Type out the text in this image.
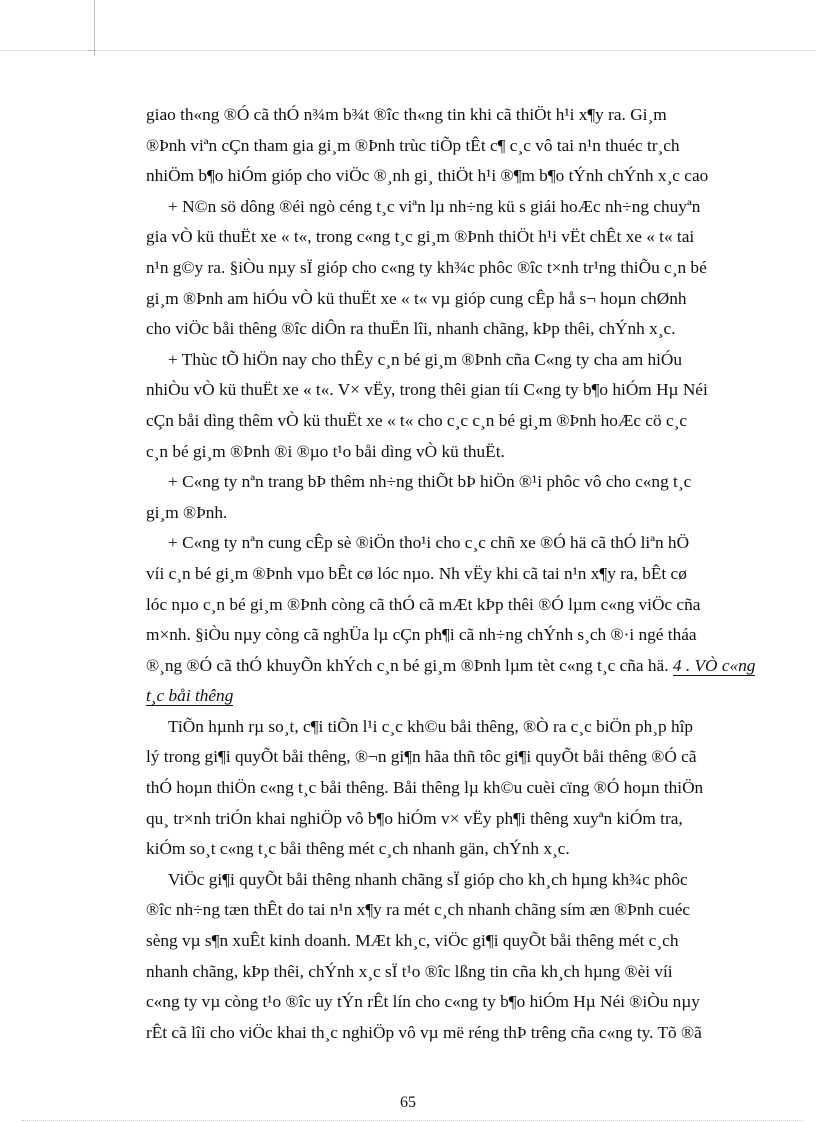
giao th«ng ®Ó cã thÓ n¾m b¾t ®îc th«ng tin khi cã thiÖt h¹i x¶y ra. Gi¸m
®Þnh viªn cÇn tham gia gi¸m ®Þnh trùc tiÕp tÊt c¶ c¸c vô tai n¹n thuéc tr¸ch
nhiÖm b¶o hiÓm gióp cho viÖc ®¸nh gi¸ thiÖt h¹i ®¶m b¶o tÝnh chÝnh x¸c cao
+ N©n sö dông ®éi ngò céng t¸c viªn lµ nh÷ng kü s giái hoÆc nh÷ng chuyªn
gia vÒ kü thuËt xe « t«, trong c«ng t¸c gi¸m ®Þnh thiÖt h¹i vËt chÊt xe « t« tai
n¹n g©y ra. §iÒu nµy sÏ gióp cho c«ng ty kh¾c phôc ®îc t×nh tr¹ng thiÕu c¸n bé
gi¸m ®Þnh am hiÓu vÒ kü thuËt xe « t« vµ gióp cung cÊp hå s¬ hoµn chØnh
cho viÖc båi thêng ®îc diÔn ra thuËn lîi, nhanh chãng, kÞp thêi, chÝnh x¸c.
+ Thùc tÕ hiÖn nay cho thÊy c¸n bé gi¸m ®Þnh cña C«ng ty cha am hiÓu
nhiÒu vÒ kü thuËt xe « t«. V× vËy, trong thêi gian tíi C«ng ty b¶o hiÓm Hµ Néi
cÇn båi dìng thêm vÒ kü thuËt xe « t« cho c¸c c¸n bé gi¸m ®Þnh hoÆc cö c¸c
c¸n bé gi¸m ®Þnh ®i ®µo t¹o båi dìng vÒ kü thuËt.
+ C«ng ty nªn trang bÞ thêm nh÷ng thiÕt bÞ hiÖn ®¹i phôc vô cho c«ng t¸c
gi¸m ®Þnh.
+ C«ng ty nªn cung cÊp sè ®iÖn tho¹i cho c¸c chñ xe ®Ó hä cã thÓ liªn hÖ
víi c¸n bé gi¸m ®Þnh vµo bÊt cø lóc nµo. Nh vËy khi cã tai n¹n x¶y ra, bÊt cø
lóc nµo c¸n bé gi¸m ®Þnh còng cã thÓ cã mÆt kÞp thêi ®Ó lµm c«ng viÖc cña
m×nh. §iÒu nµy còng cã nghÜa lµ cÇn ph¶i cã nh÷ng chÝnh s¸ch ®·i ngé tháa
®¸ng ®Ó cã thÓ khuyÕn khÝch c¸n bé gi¸m ®Þnh lµm tèt c«ng t¸c cña hä. 4 . VÒ c«ng t¸c båi thêng
TiÕn hµnh rµ so¸t, c¶i tiÕn l¹i c¸c kh©u båi thêng, ®Ò ra c¸c biÖn ph¸p hîp
lý trong gi¶i quyÕt båi thêng, ®¬n gi¶n hãa thñ tôc gi¶i quyÕt båi thêng ®Ó cã
thÓ hoµn thiÖn c«ng t¸c båi thêng. Båi thêng lµ kh©u cuèi cïng ®Ó hoµn thiÖn
qu¸ tr×nh triÓn khai nghiÖp vô b¶o hiÓm v× vËy ph¶i thêng xuyªn kiÓm tra,
kiÓm so¸t c«ng t¸c båi thêng mét c¸ch nhanh gän, chÝnh x¸c.
ViÖc gi¶i quyÕt båi thêng nhanh chãng sÏ gióp cho kh¸ch hµng kh¾c phôc
®îc nh÷ng tæn thÊt do tai n¹n x¶y ra mét c¸ch nhanh chãng sím æn ®Þnh cuéc
sèng vµ s¶n xuÊt kinh doanh. MÆt kh¸c, viÖc gi¶i quyÕt båi thêng mét c¸ch
nhanh chãng, kÞp thêi, chÝnh x¸c sÏ t¹o ®îc lßng tin cña kh¸ch hµng ®èi víi
c«ng ty vµ còng t¹o ®îc uy tÝn rÊt lín cho c«ng ty b¶o hiÓm Hµ Néi ®iÒu nµy
rÊt cã lîi cho viÖc khai th¸c nghiÖp vô vµ më réng thÞ trêng cña c«ng ty. Tõ ®ã
65
